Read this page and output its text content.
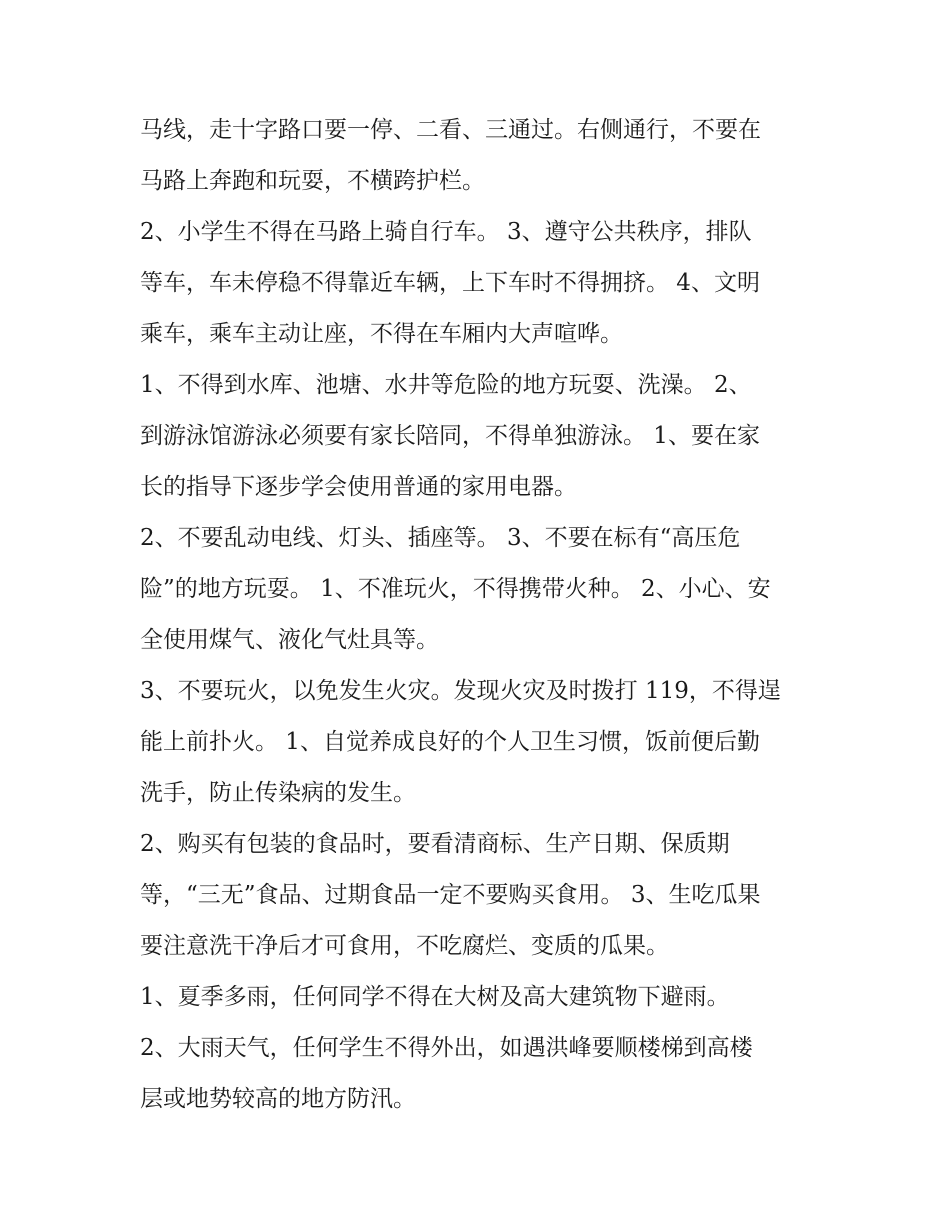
马线，走十字路口要一停、二看、三通过。右侧通行，不要在

马路上奔跑和玩耍，不横跨护栏。

2、小学生不得在马路上骑自行车。 3、遵守公共秩序，排队

等车，车未停稳不得靠近车辆，上下车时不得拥挤。 4、文明

乘车，乘车主动让座，不得在车厢内大声喧哗。

1、不得到水库、池塘、水井等危险的地方玩耍、洗澡。 2、

到游泳馆游泳必须要有家长陪同，不得单独游泳。 1、要在家

长的指导下逐步学会使用普通的家用电器。

2、不要乱动电线、灯头、插座等。 3、不要在标有“高压危

险”的地方玩耍。 1、不准玩火，不得携带火种。 2、小心、安

全使用煤气、液化气灶具等。

3、不要玩火，以免发生火灾。发现火灾及时拨打 119，不得逞

能上前扑火。 1、自觉养成良好的个人卫生习惯，饭前便后勤

洗手，防止传染病的发生。

2、购买有包装的食品时，要看清商标、生产日期、保质期

等，“三无”食品、过期食品一定不要购买食用。 3、生吃瓜果

要注意洗干净后才可食用，不吃腐烂、变质的瓜果。

1、夏季多雨，任何同学不得在大树及高大建筑物下避雨。

2、大雨天气，任何学生不得外出，如遇洪峰要顺楼梯到高楼

层或地势较高的地方防汛。
